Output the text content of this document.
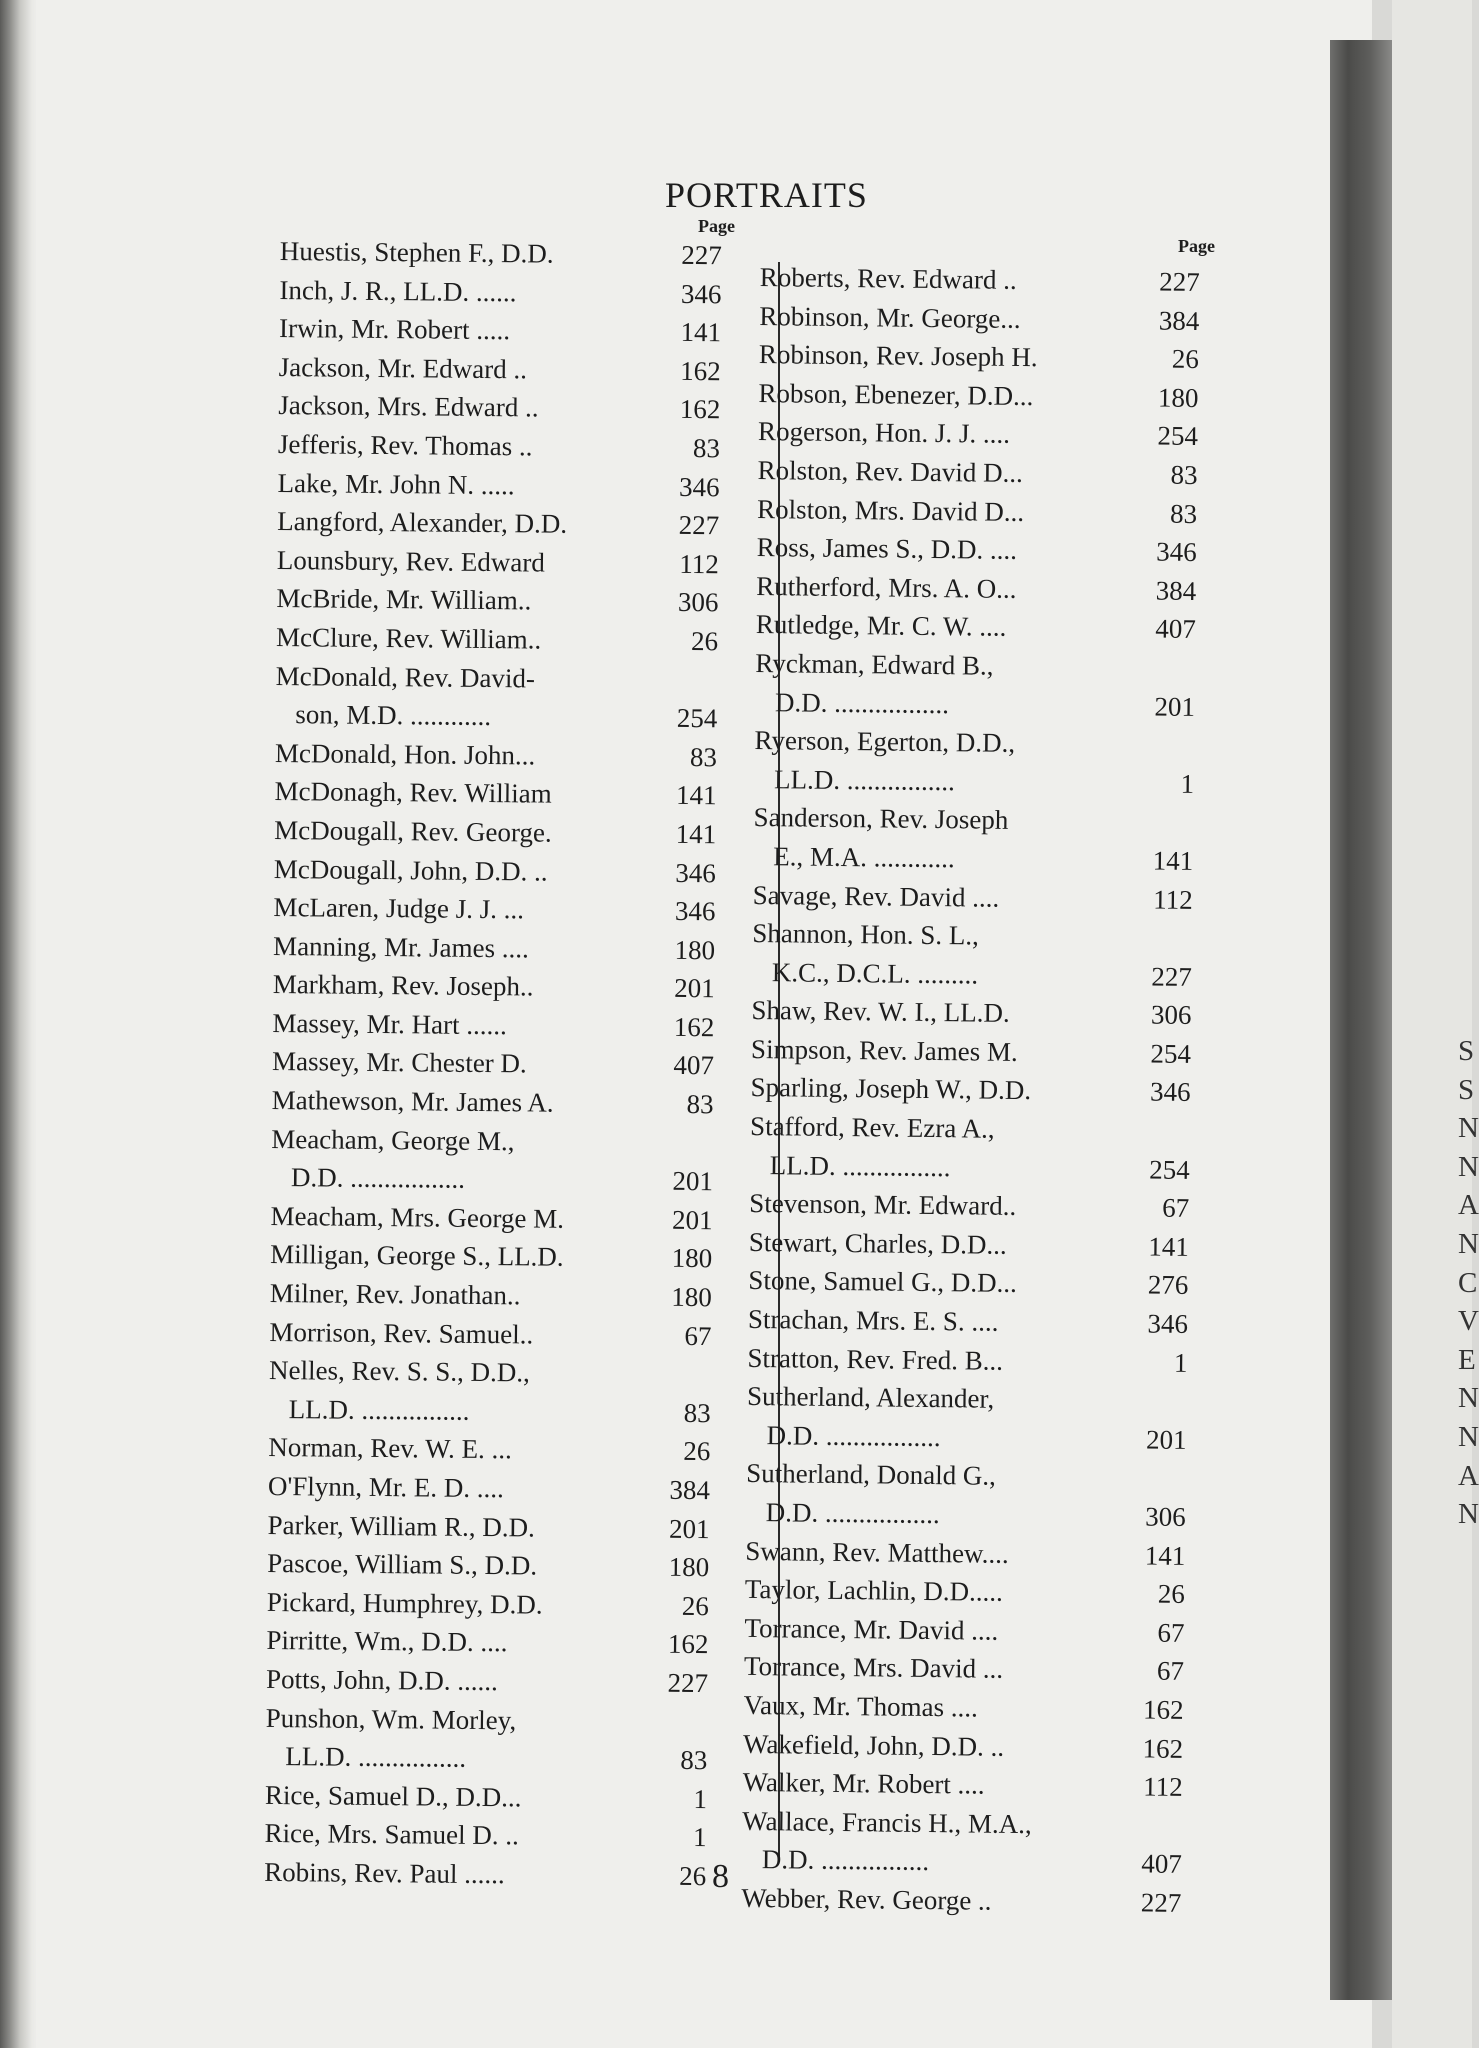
S
S
N
N
A
N
C
V
E
N
N
A
N
PORTRAITS
Page
Page
Huestis, Stephen F., D.D.	227
Inch, J. R., LL.D. ......	346
Irwin, Mr. Robert .....	141
Jackson, Mr. Edward ..	162
Jackson, Mrs. Edward ..	162
Jefferis, Rev. Thomas ..	83
Lake, Mr. John N. .....	346
Langford, Alexander, D.D.	227
Lounsbury, Rev. Edward	112
McBride, Mr. William..	306
McClure, Rev. William..	26
McDonald, Rev. David-
son, M.D. ............	254
McDonald, Hon. John...	83
McDonagh, Rev. William	141
McDougall, Rev. George.	141
McDougall, John, D.D. ..	346
McLaren, Judge J. J. ...	346
Manning, Mr. James ....	180
Markham, Rev. Joseph..	201
Massey, Mr. Hart ......	162
Massey, Mr. Chester D.	407
Mathewson, Mr. James A.	83
Meacham, George M.,
D.D. .................	201
Meacham, Mrs. George M.	201
Milligan, George S., LL.D.	180
Milner, Rev. Jonathan..	180
Morrison, Rev. Samuel..	67
Nelles, Rev. S. S., D.D.,
LL.D. ................	83
Norman, Rev. W. E. ...	26
O'Flynn, Mr. E. D. ....	384
Parker, William R., D.D.	201
Pascoe, William S., D.D.	180
Pickard, Humphrey, D.D.	26
Pirritte, Wm., D.D. ....	162
Potts, John, D.D. ......	227
Punshon, Wm. Morley,
LL.D. ................	83
Rice, Samuel D., D.D...	1
Rice, Mrs. Samuel D. ..	1
Robins, Rev. Paul ......	26
Roberts, Rev. Edward ..	227
Robinson, Mr. George...	384
Robinson, Rev. Joseph H.	26
Robson, Ebenezer, D.D...	180
Rogerson, Hon. J. J. ....	254
Rolston, Rev. David D...	83
Rolston, Mrs. David D...	83
Ross, James S., D.D. ....	346
Rutherford, Mrs. A. O...	384
Rutledge, Mr. C. W. ....	407
Ryckman, Edward B.,
D.D. .................	201
Ryerson, Egerton, D.D.,
LL.D. ................	1
Sanderson, Rev. Joseph
E., M.A. ............	141
Savage, Rev. David ....	112
Shannon, Hon. S. L.,
K.C., D.C.L. .........	227
Shaw, Rev. W. I., LL.D.	306
Simpson, Rev. James M.	254
Sparling, Joseph W., D.D.	346
Stafford, Rev. Ezra A.,
LL.D. ................	254
Stevenson, Mr. Edward..	67
Stewart, Charles, D.D...	141
Stone, Samuel G., D.D...	276
Strachan, Mrs. E. S. ....	346
Stratton, Rev. Fred. B...	1
Sutherland, Alexander,
D.D. .................	201
Sutherland, Donald G.,
D.D. .................	306
Swann, Rev. Matthew....	141
Taylor, Lachlin, D.D.....	26
Torrance, Mr. David ....	67
Torrance, Mrs. David ...	67
Vaux, Mr. Thomas ....	162
Wakefield, John, D.D. ..	162
Walker, Mr. Robert ....	112
Wallace, Francis H., M.A.,
D.D. ................	407
Webber, Rev. George ..	227
8
